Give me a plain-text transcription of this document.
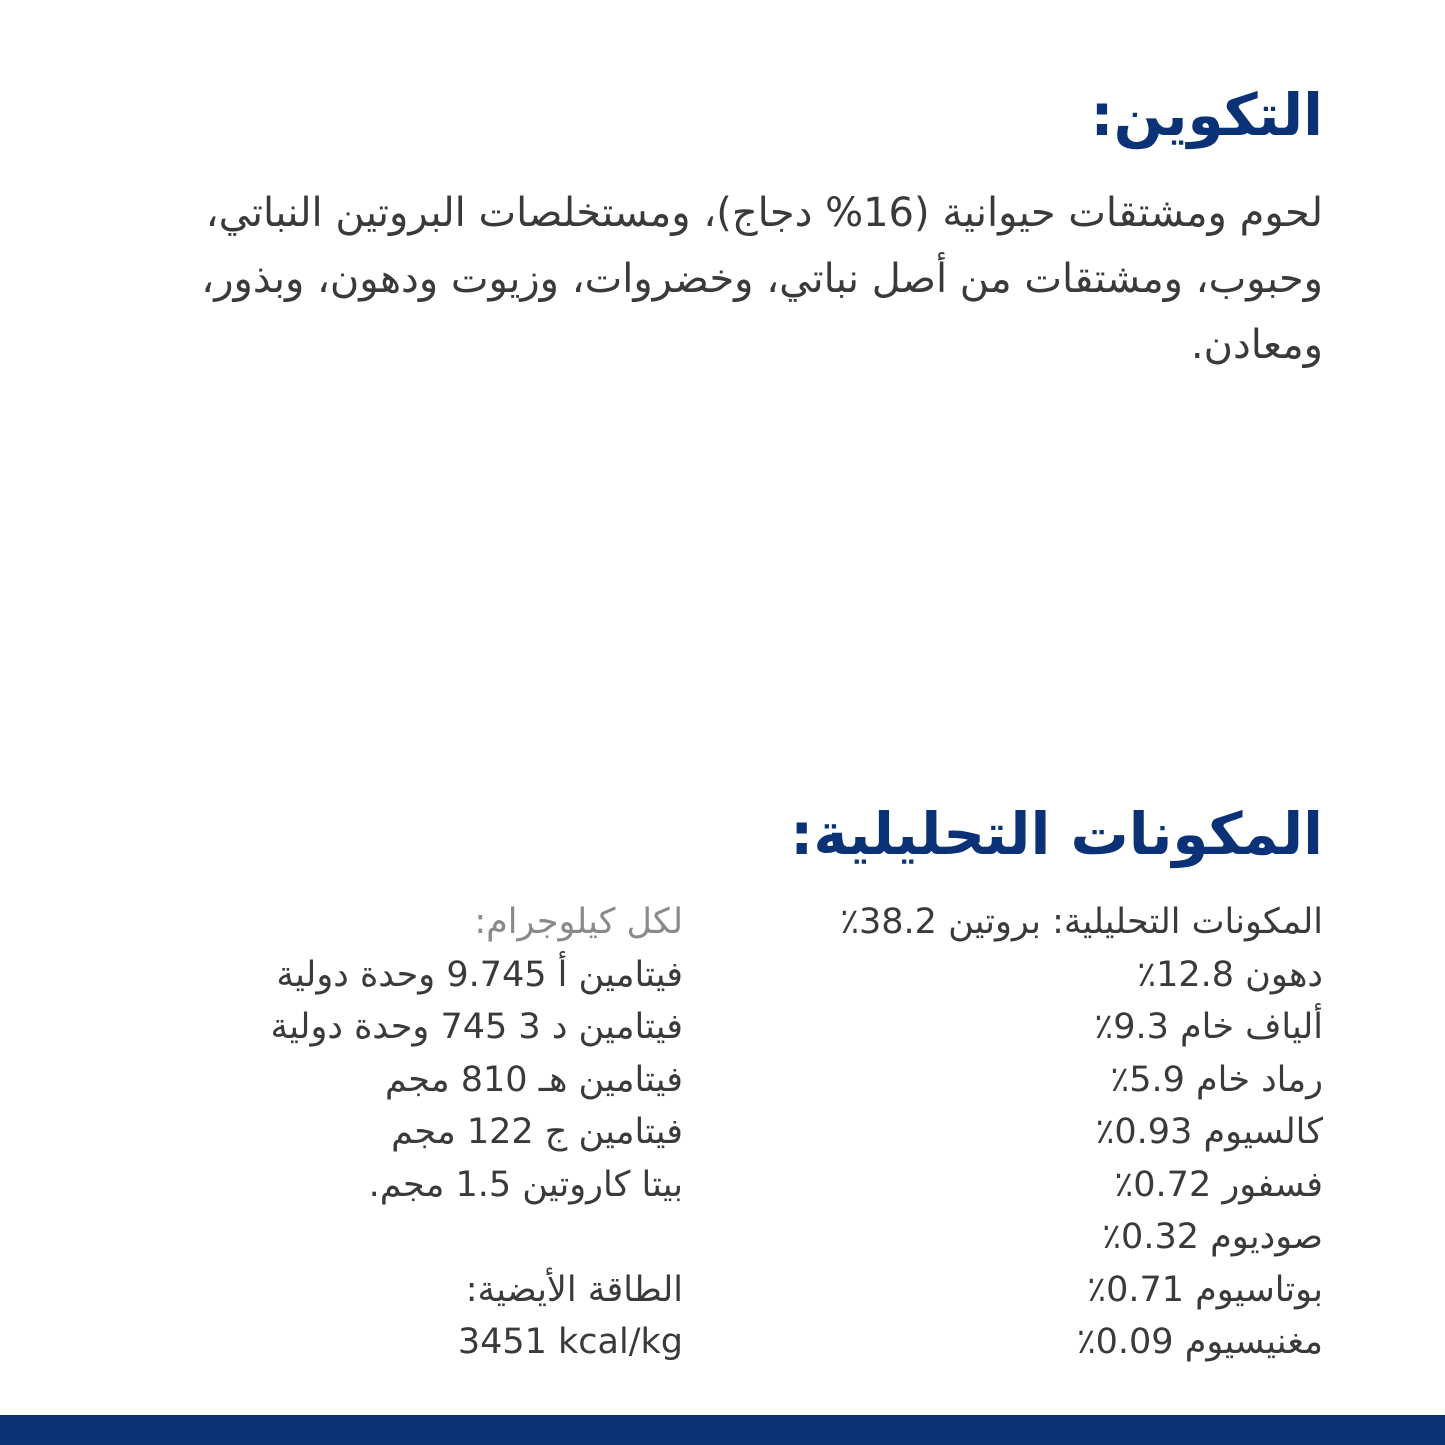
التكوين:

لحوم ومشتقات حيوانية (16% دجاج)، ومستخلصات البروتين النباتي، وحبوب، ومشتقات من أصل نباتي، وخضروات، وزيوت ودهون، وبذور، ومعادن.

المكونات التحليلية:
المكونات التحليلية: بروتين 38.2٪
دهون 12.8٪
ألياف خام 9.3٪
رماد خام 5.9٪
كالسيوم 0.93٪
فسفور 0.72٪
صوديوم 0.32٪
بوتاسيوم 0.71٪
مغنيسيوم 0.09٪
لكل كيلوجرام:
فيتامين أ 9.745 وحدة دولية
فيتامين د 3 745 وحدة دولية
فيتامين هـ 810 مجم
فيتامين ج 122 مجم
بيتا كاروتين 1.5 مجم.
الطاقة الأيضية:
3451 kcal/kg
